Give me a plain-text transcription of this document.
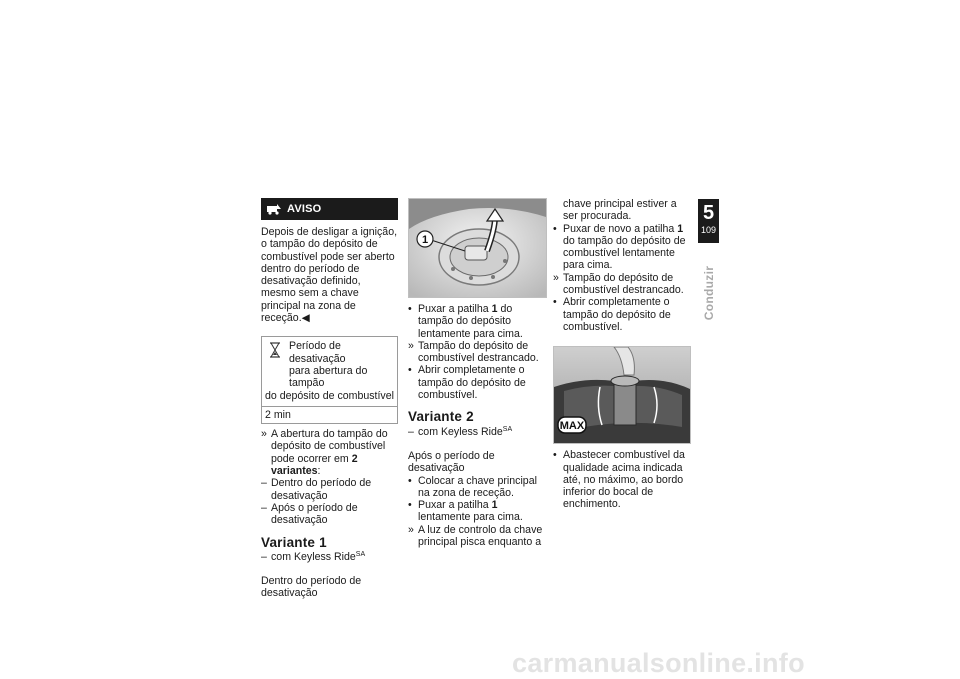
AVISO

Depois de desligar a ignição, o tampão do depósito de combustível pode ser aberto dentro do período de desativação definido, mesmo sem a chave principal na zona de receção.◀

Período de desativação
para abertura do tampão
do depósito de combustível
2 min

» A abertura do tampão do depósito de combustível pode ocorrer em 2 variantes:

– Dentro do período de desativação

– Após o período de desativação

Variante 1

– com Keyless Ride$^{SA}$

Dentro do período de desativação

1

• Puxar a patilha 1 do tampão do depósito lentamente para cima.

» Tampão do depósito de combustível destrancado.

• Abrir completamente o tampão do depósito de combustível.

Variante 2

– com Keyless Ride$^{SA}$

Após o período de desativação

• Colocar a chave principal na zona de receção.

• Puxar a patilha 1 lentamente para cima.

» A luz de controlo da chave principal pisca enquanto a

chave principal estiver a ser procurada.

• Puxar de novo a patilha 1 do tampão do depósito de combustível lentamente para cima.

» Tampão do depósito de combustível destrancado.

• Abrir completamente o tampão do depósito de combustível.

MAX

• Abastecer combustível da qualidade acima indicada até, no máximo, ao bordo inferior do bocal de enchimento.

5
109
Conduzir
carmanualsonline.info
